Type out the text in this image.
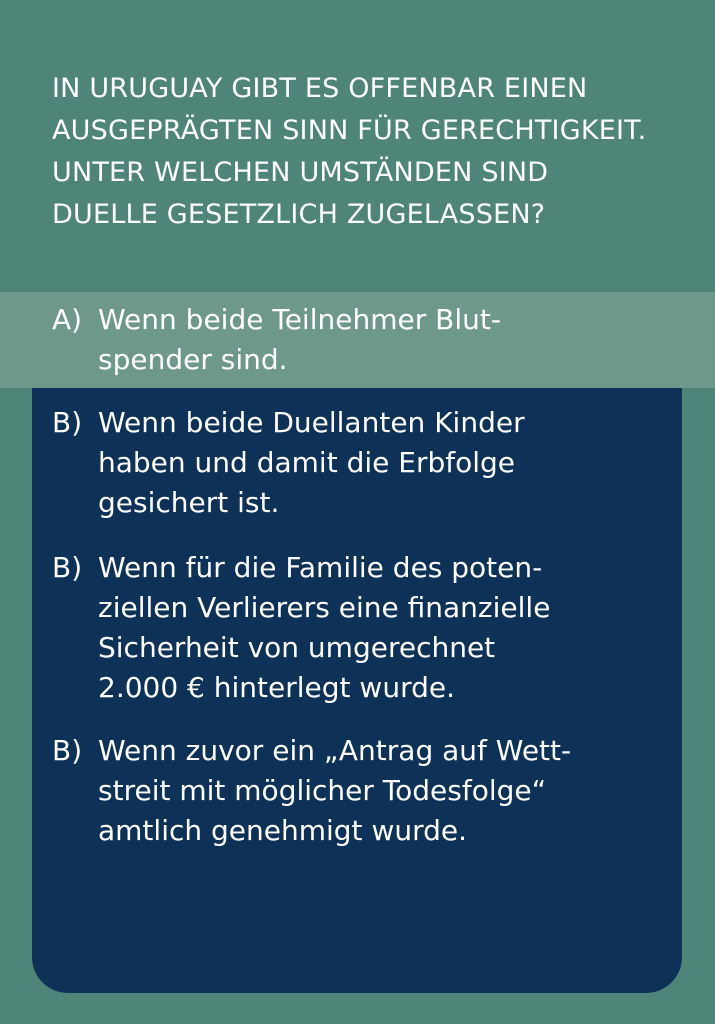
IN URUGUAY GIBT ES OFFENBAR EINEN
AUSGEPRÄGTEN SINN FÜR GERECHTIGKEIT.
UNTER WELCHEN UMSTÄNDEN SIND
DUELLE GESETZLICH ZUGELASSEN?
A) Wenn beide Teilnehmer Blut-
spender sind.
B) Wenn beide Duellanten Kinder
haben und damit die Erbfolge
gesichert ist.
B) Wenn für die Familie des poten-
ziellen Verlierers eine finanzielle
Sicherheit von umgerechnet
2.000 € hinterlegt wurde.
B) Wenn zuvor ein „Antrag auf Wett-
streit mit möglicher Todesfolge“
amtlich genehmigt wurde.
